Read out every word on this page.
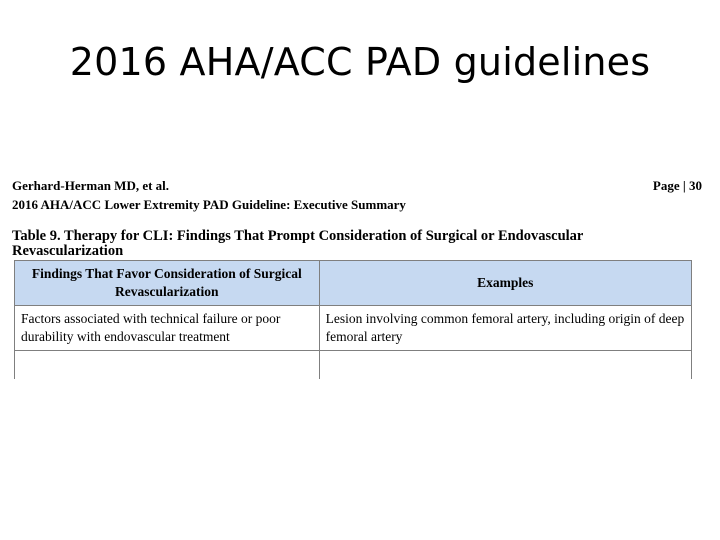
2016 AHA/ACC PAD guidelines
Gerhard-Herman MD, et al.	Page | 30
2016 AHA/ACC Lower Extremity PAD Guideline: Executive Summary
Table 9. Therapy for CLI: Findings That Prompt Consideration of Surgical or Endovascular Revascularization
Findings That Favor Consideration of Surgical Revascularization	Examples
Factors associated with technical failure or poor durability with endovascular treatment	Lesion involving common femoral artery, including origin of deep femoral artery
